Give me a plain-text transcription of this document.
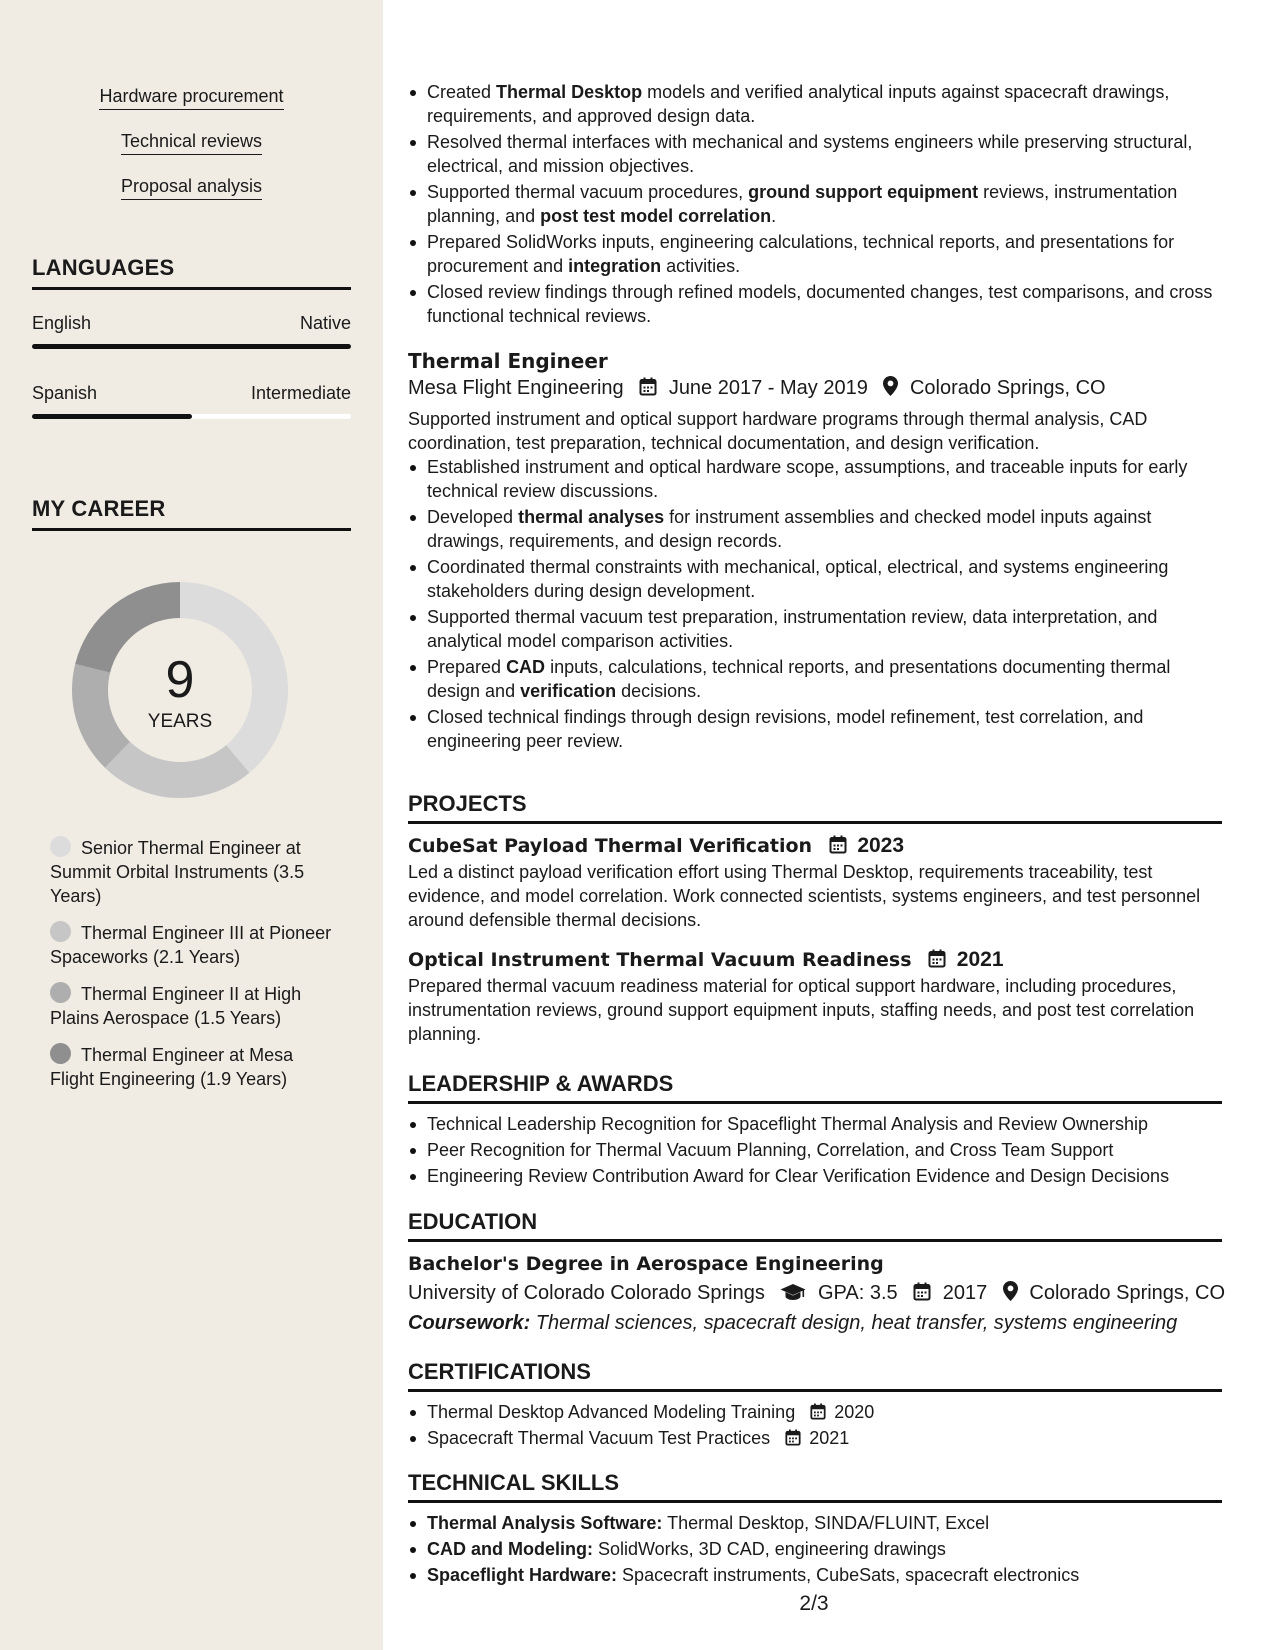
Hardware procurement
Technical reviews
Proposal analysis
LANGUAGES
English	Native
Spanish	Intermediate
MY CAREER
9
YEARS
Senior Thermal Engineer at Summit Orbital Instruments (3.5 Years)
Thermal Engineer III at Pioneer Spaceworks (2.1 Years)
Thermal Engineer II at High Plains Aerospace (1.5 Years)
Thermal Engineer at Mesa Flight Engineering (1.9 Years)
Created Thermal Desktop models and verified analytical inputs against spacecraft drawings, requirements, and approved design data.
Resolved thermal interfaces with mechanical and systems engineers while preserving structural, electrical, and mission objectives.
Supported thermal vacuum procedures, ground support equipment reviews, instrumentation planning, and post test model correlation.
Prepared SolidWorks inputs, engineering calculations, technical reports, and presentations for procurement and integration activities.
Closed review findings through refined models, documented changes, test comparisons, and cross functional technical reviews.
Thermal Engineer
Mesa Flight Engineering June 2017 - May 2019 Colorado Springs, CO
Supported instrument and optical support hardware programs through thermal analysis, CAD coordination, test preparation, technical documentation, and design verification.
Established instrument and optical hardware scope, assumptions, and traceable inputs for early technical review discussions.
Developed thermal analyses for instrument assemblies and checked model inputs against drawings, requirements, and design records.
Coordinated thermal constraints with mechanical, optical, electrical, and systems engineering stakeholders during design development.
Supported thermal vacuum test preparation, instrumentation review, data interpretation, and analytical model comparison activities.
Prepared CAD inputs, calculations, technical reports, and presentations documenting thermal design and verification decisions.
Closed technical findings through design revisions, model refinement, test correlation, and engineering peer review.
PROJECTS
CubeSat Payload Thermal Verification 2023
Led a distinct payload verification effort using Thermal Desktop, requirements traceability, test evidence, and model correlation. Work connected scientists, systems engineers, and test personnel around defensible thermal decisions.
Optical Instrument Thermal Vacuum Readiness 2021
Prepared thermal vacuum readiness material for optical support hardware, including procedures, instrumentation reviews, ground support equipment inputs, staffing needs, and post test correlation planning.
LEADERSHIP & AWARDS
Technical Leadership Recognition for Spaceflight Thermal Analysis and Review Ownership
Peer Recognition for Thermal Vacuum Planning, Correlation, and Cross Team Support
Engineering Review Contribution Award for Clear Verification Evidence and Design Decisions
EDUCATION
Bachelor's Degree in Aerospace Engineering
University of Colorado Colorado Springs	GPA: 3.5 2017 Colorado Springs, CO
Coursework: Thermal sciences, spacecraft design, heat transfer, systems engineering
CERTIFICATIONS
Thermal Desktop Advanced Modeling Training 2020
Spacecraft Thermal Vacuum Test Practices 2021
TECHNICAL SKILLS
Thermal Analysis Software: Thermal Desktop, SINDA/FLUINT, Excel
CAD and Modeling: SolidWorks, 3D CAD, engineering drawings
Spaceflight Hardware: Spacecraft instruments, CubeSats, spacecraft electronics
2/3
